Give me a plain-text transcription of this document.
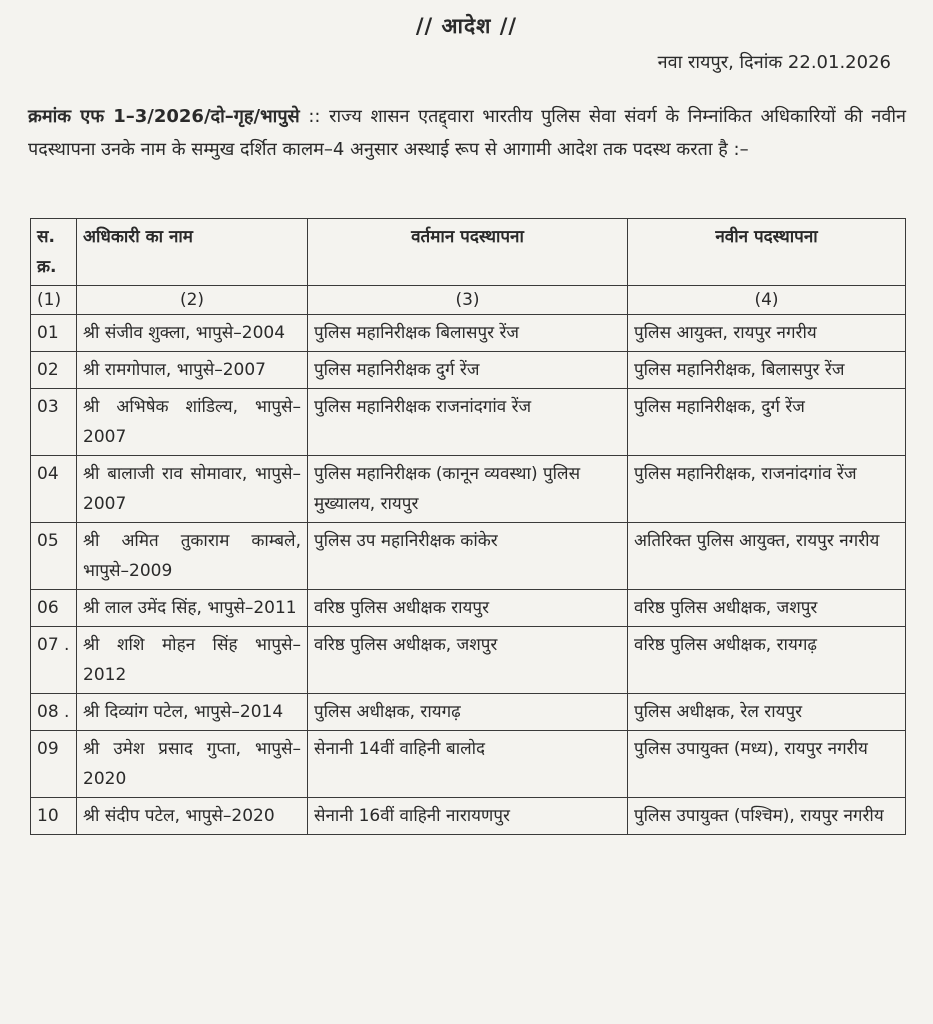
// आदेश //
नवा रायपुर, दिनांक 22.01.2026
क्रमांक एफ 1–3/2026/दो–गृह/भापुसे :: राज्य शासन एतद्द्वारा भारतीय पुलिस सेवा संवर्ग के निम्नांकित अधिकारियों की नवीन पदस्थापना उनके नाम के सम्मुख दर्शित कालम–4 अनुसार अस्थाई रूप से आगामी आदेश तक पदस्थ करता है :–
स. क्र.	अधिकारी का नाम	वर्तमान पदस्थापना	नवीन पदस्थापना
(1)	(2)	(3)	(4)
01	श्री संजीव शुक्ला, भापुसे–2004	पुलिस महानिरीक्षक बिलासपुर रेंज	पुलिस आयुक्त, रायपुर नगरीय
02	श्री रामगोपाल, भापुसे–2007	पुलिस महानिरीक्षक दुर्ग रेंज	पुलिस महानिरीक्षक, बिलासपुर रेंज
03	श्री अभिषेक शांडिल्य, भापुसे–2007	पुलिस महानिरीक्षक राजनांदगांव रेंज	पुलिस महानिरीक्षक, दुर्ग रेंज
04	श्री बालाजी राव सोमावार, भापुसे–2007	पुलिस महानिरीक्षक (कानून व्यवस्था) पुलिस मुख्यालय, रायपुर	पुलिस महानिरीक्षक, राजनांदगांव रेंज
05	श्री अमित तुकाराम काम्बले, भापुसे–2009	पुलिस उप महानिरीक्षक कांकेर	अतिरिक्त पुलिस आयुक्त, रायपुर नगरीय
06	श्री लाल उमेंद सिंह, भापुसे–2011	वरिष्ठ पुलिस अधीक्षक रायपुर	वरिष्ठ पुलिस अधीक्षक, जशपुर
07 .	श्री शशि मोहन सिंह भापुसे– 2012	वरिष्ठ पुलिस अधीक्षक, जशपुर	वरिष्ठ पुलिस अधीक्षक, रायगढ़
08 .	श्री दिव्यांग पटेल, भापुसे–2014	पुलिस अधीक्षक, रायगढ़	पुलिस अधीक्षक, रेल रायपुर
09	श्री उमेश प्रसाद गुप्ता, भापुसे–2020	सेनानी 14वीं वाहिनी बालोद	पुलिस उपायुक्त (मध्य), रायपुर नगरीय
10	श्री संदीप पटेल, भापुसे–2020	सेनानी 16वीं वाहिनी नारायणपुर	पुलिस उपायुक्त (पश्चिम), रायपुर नगरीय
